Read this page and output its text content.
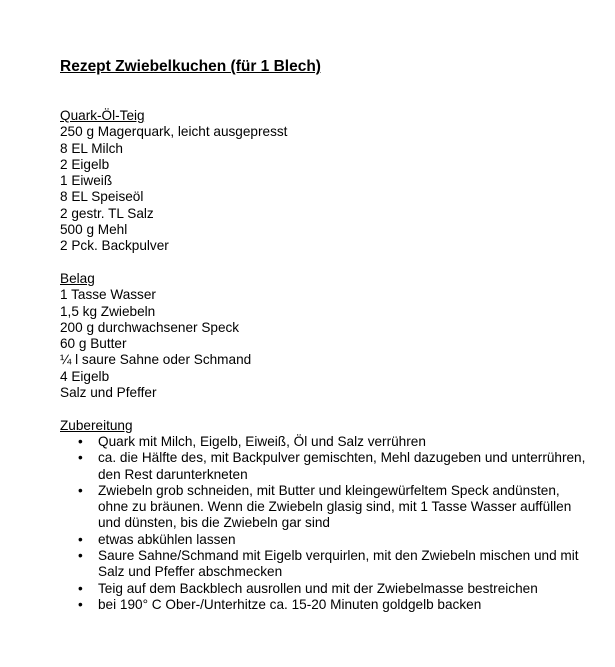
Rezept Zwiebelkuchen (für 1 Blech)
Quark-Öl-Teig
250 g Magerquark, leicht ausgepresst
8 EL Milch
2 Eigelb
1 Eiweiß
8 EL Speiseöl
2 gestr. TL Salz
500 g Mehl
2 Pck. Backpulver
Belag
1 Tasse Wasser
1,5 kg Zwiebeln
200 g durchwachsener Speck
60 g Butter
¼ l saure Sahne oder Schmand
4 Eigelb
Salz und Pfeffer
Zubereitung
• Quark mit Milch, Eigelb, Eiweiß, Öl und Salz verrühren
• ca. die Hälfte des, mit Backpulver gemischten, Mehl dazugeben und unterrühren, den Rest darunterkneten
• Zwiebeln grob schneiden, mit Butter und kleingewürfeltem Speck andünsten, ohne zu bräunen. Wenn die Zwiebeln glasig sind, mit 1 Tasse Wasser auffüllen und dünsten, bis die Zwiebeln gar sind
• etwas abkühlen lassen
• Saure Sahne/Schmand mit Eigelb verquirlen, mit den Zwiebeln mischen und mit Salz und Pfeffer abschmecken
• Teig auf dem Backblech ausrollen und mit der Zwiebelmasse bestreichen
• bei 190° C Ober-/Unterhitze ca. 15-20 Minuten goldgelb backen
